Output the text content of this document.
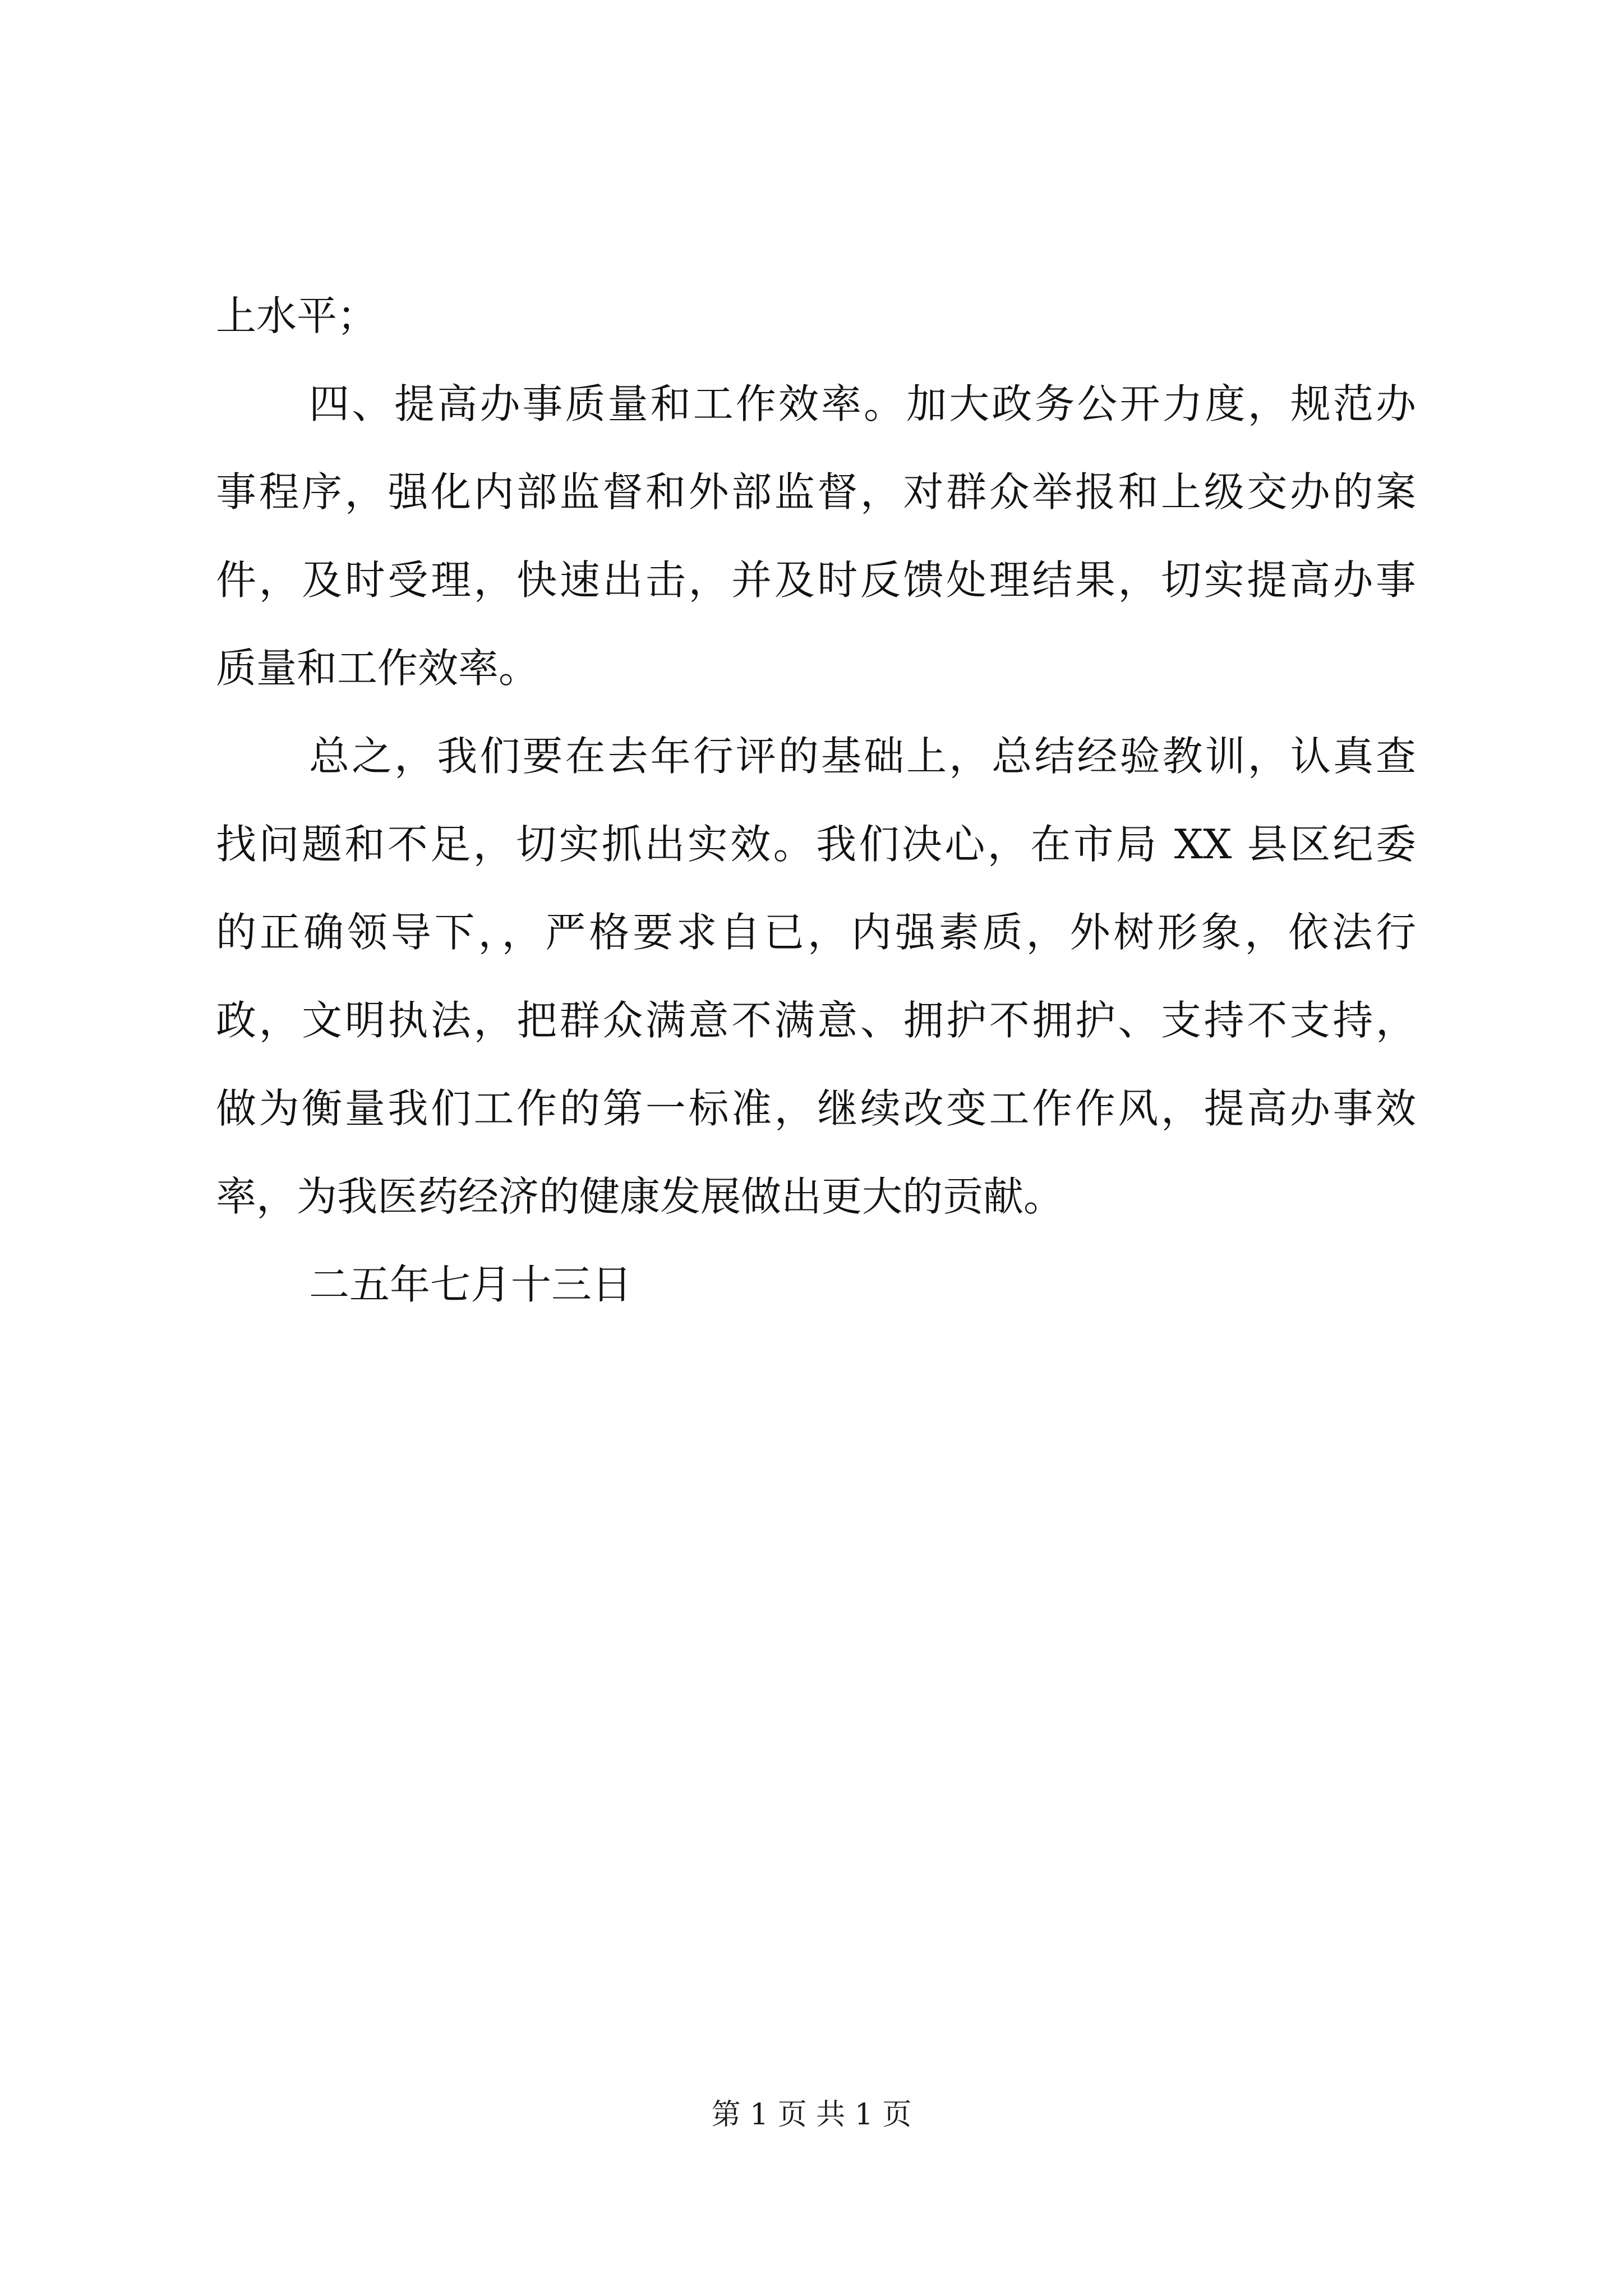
上水平；
四、提高办事质量和工作效率。加大政务公开力度，规范办
事程序，强化内部监督和外部监督，对群众举报和上级交办的案
件，及时受理，快速出击，并及时反馈处理结果，切实提高办事
质量和工作效率。
总之，我们要在去年行评的基础上，总结经验教训，认真查
找问题和不足，切实抓出实效。我们决心，在市局 XX 县区纪委
的正确领导下，，严格要求自已，内强素质，外树形象，依法行
政，文明执法，把群众满意不满意、拥护不拥护、支持不支持，
做为衡量我们工作的第一标准，继续改变工作作风，提高办事效
率，为我医药经济的健康发展做出更大的贡献。
二五年七月十三日
第 1 页 共 1 页
